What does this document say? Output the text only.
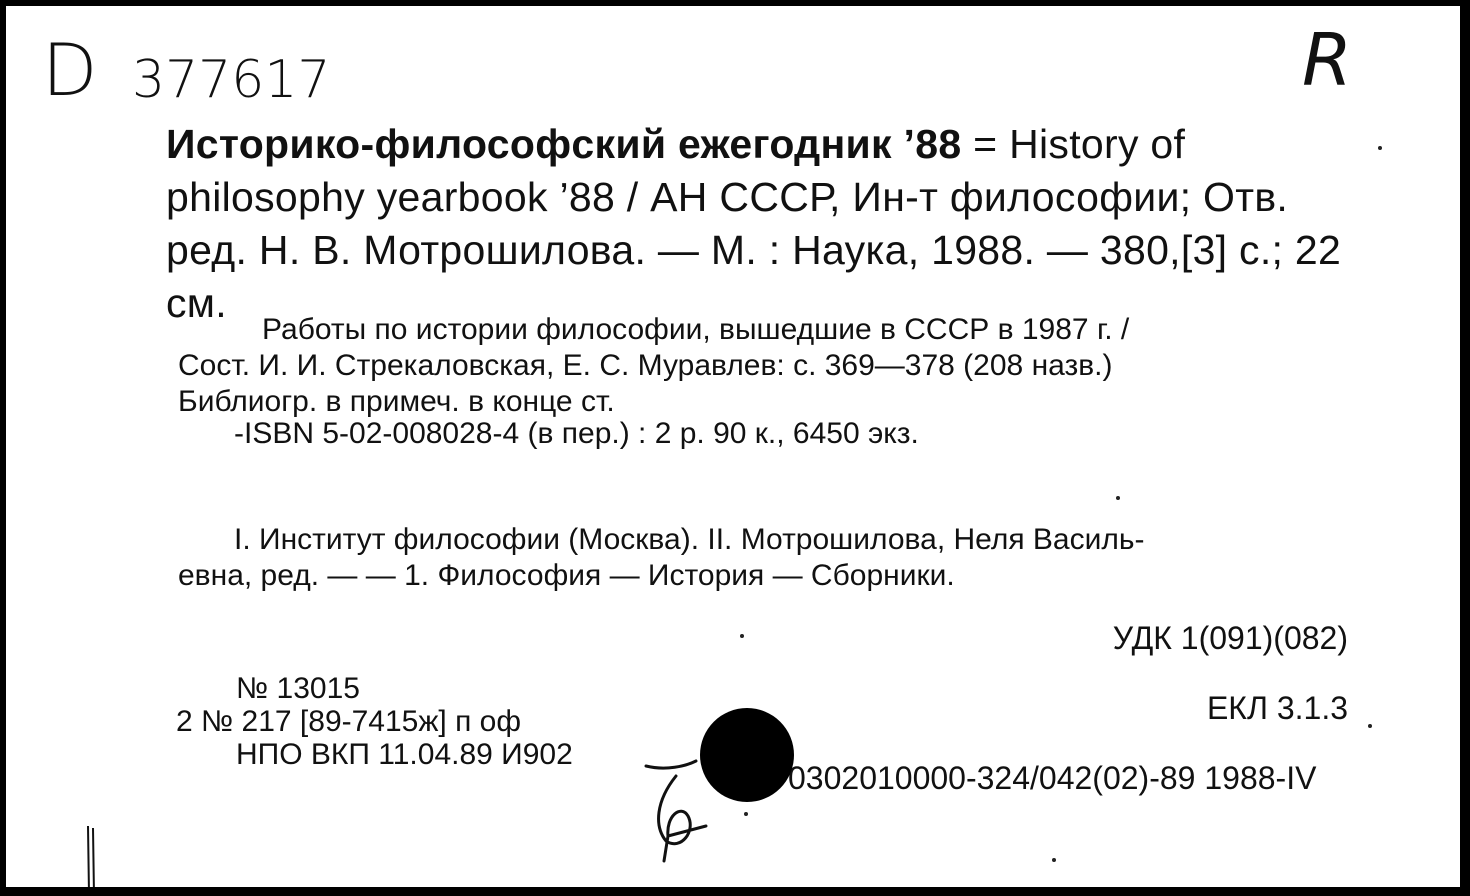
D 377617	R

Историко-философский ежегодник ’88 = History of philosophy yearbook ’88 / АН СССР, Ин-т философии; Отв. ред. Н. В. Мотрошилова. — М. : Наука, 1988. — 380,[3] с.; 22 см.

Работы по истории философии, вышедшие в СССР в 1987 г. /

Сост. И. И. Стрекаловская, Е. С. Муравлев: с. 369—378 (208 назв.)

Библиогр. в примеч. в конце ст.

-ISBN 5-02-008028-4 (в пер.) : 2 р. 90 к., 6450 экз.

I. Институт философии (Москва). II. Мотрошилова, Неля Василь-

евна, ред. — — 1. Философия — История — Сборники.

УДК 1(091)(082)
ЕКЛ 3.1.3

№ 13015

2 № 217 [89-7415ж] п оф

НПО ВКП 11.04.89 И902

0302010000-324/042(02)-89 1988-IV
